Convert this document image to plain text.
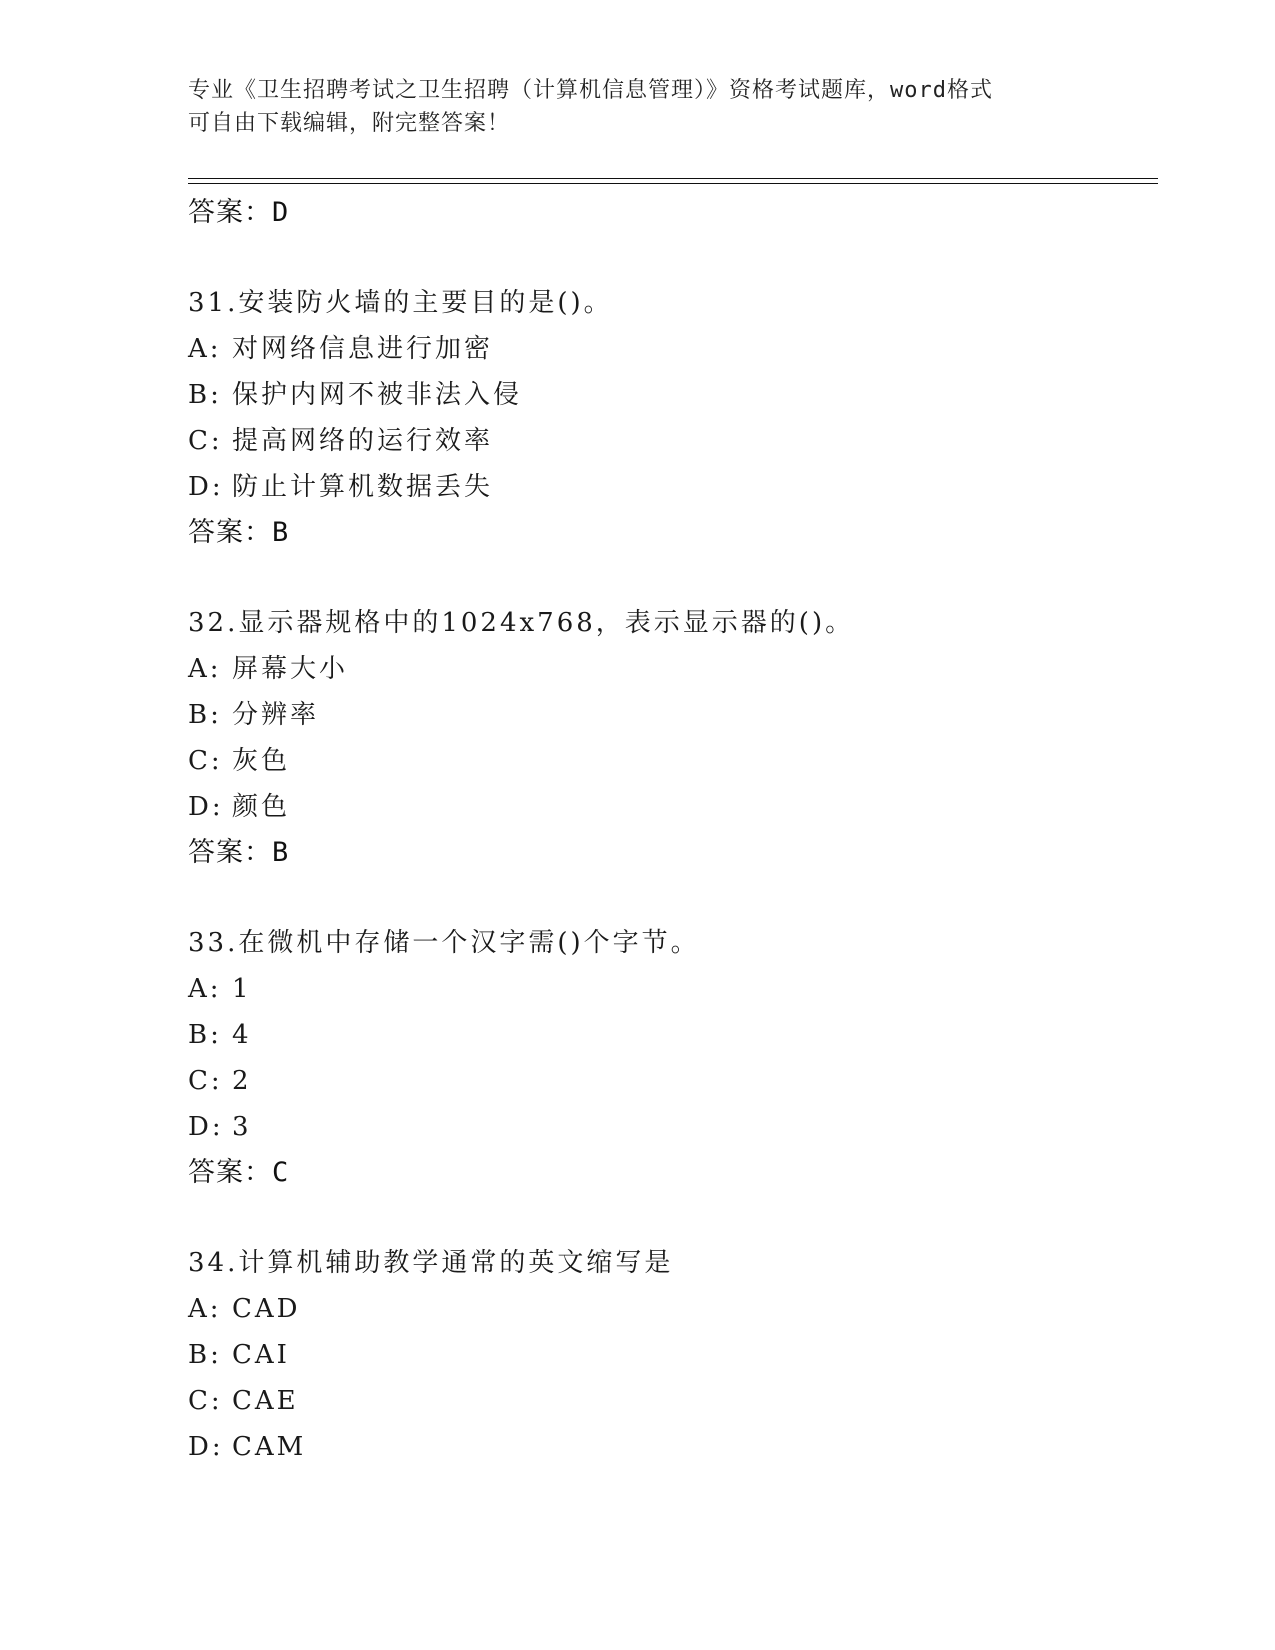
专业《卫生招聘考试之卫生招聘（计算机信息管理）》资格考试题库，word格式
可自由下载编辑，附完整答案！
答案：D
31.安装防火墙的主要目的是()。
A: 对网络信息进行加密
B: 保护内网不被非法入侵
C: 提高网络的运行效率
D: 防止计算机数据丢失
答案：B
32.显示器规格中的1024x768，表示显示器的()。
A: 屏幕大小
B: 分辨率
C: 灰色
D: 颜色
答案：B
33.在微机中存储一个汉字需()个字节。
A: 1
B: 4
C: 2
D: 3
答案：C
34.计算机辅助教学通常的英文缩写是
A: CAD
B: CAI
C: CAE
D: CAM
